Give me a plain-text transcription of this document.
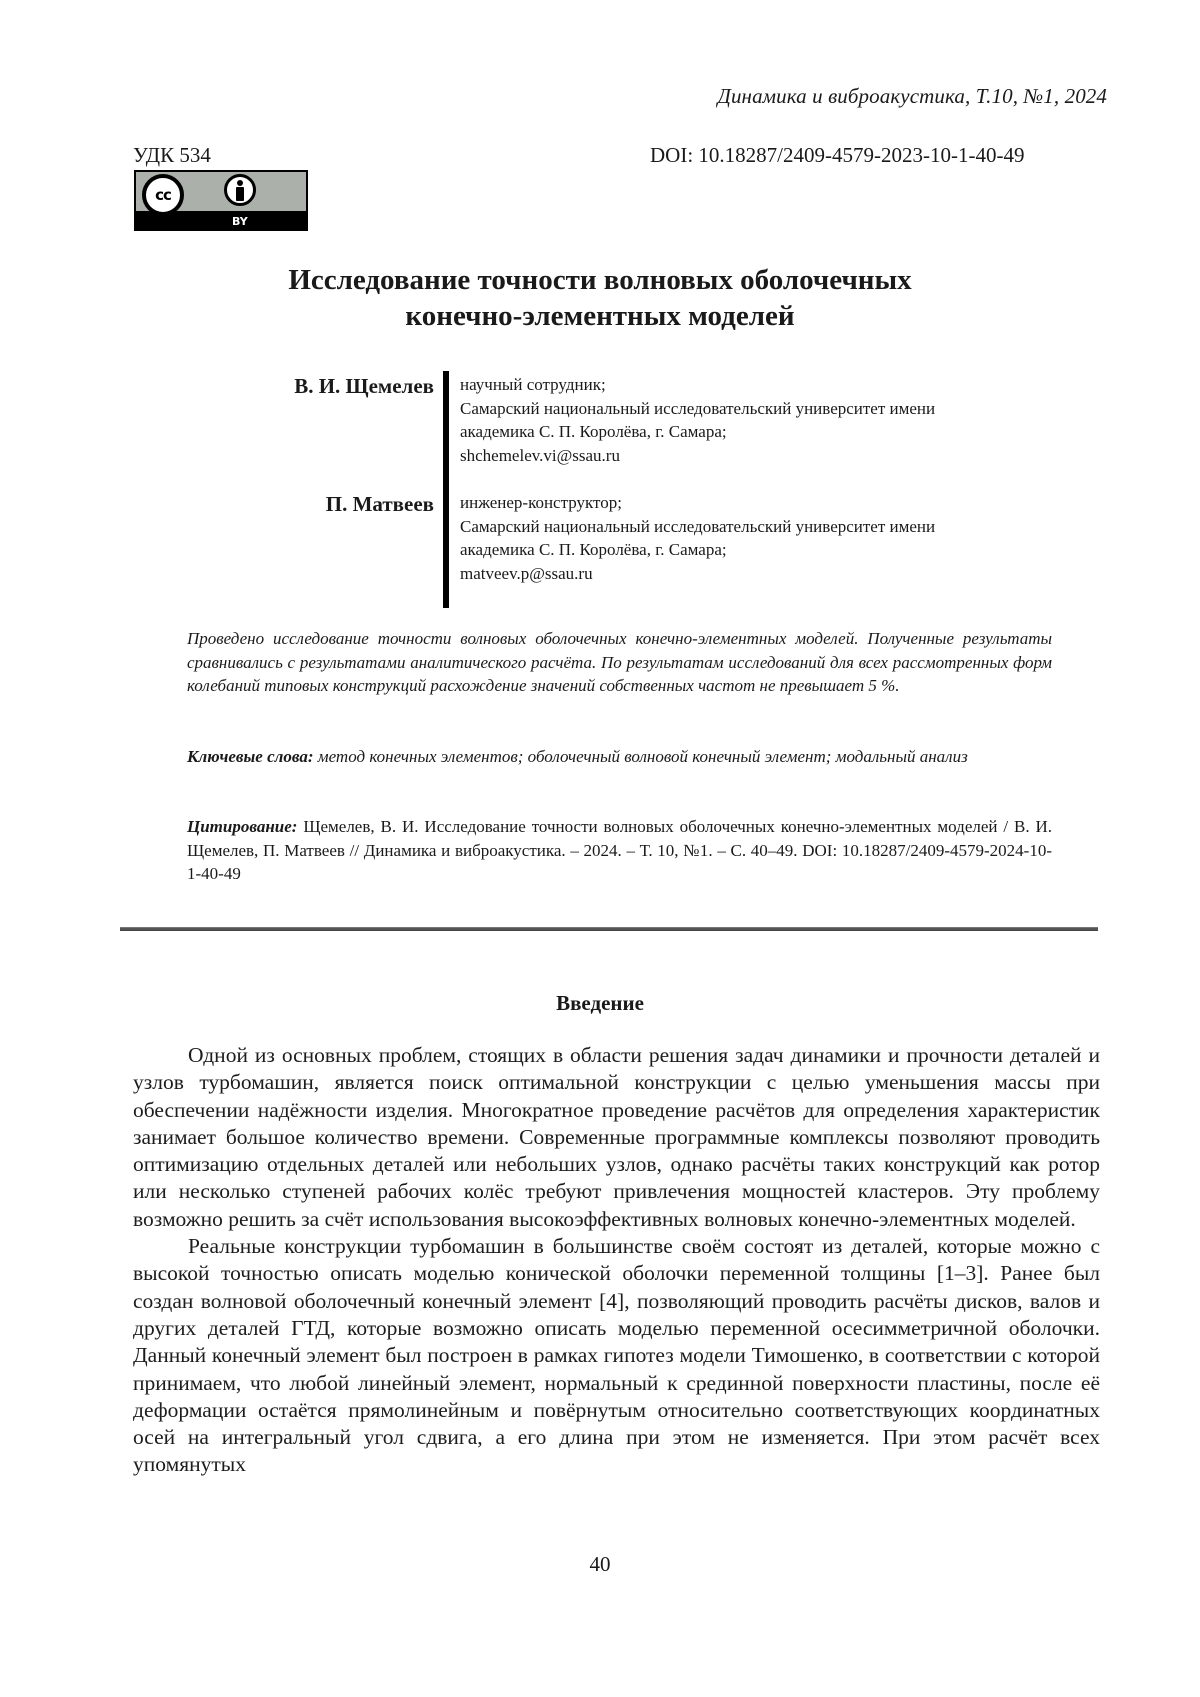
Динамика и виброакустика, Т.10, №1, 2024
УДК 534	DOI: 10.18287/2409-4579-2023-10-1-40-49
cc
BY
Исследование точности волновых оболочечных
конечно-элементных моделей
В. И. Щемелев научный сотрудник;
Самарский национальный исследовательский университет имени
академика С. П. Королёва, г. Самара;
shchemelev.vi@ssau.ru
П. Матвеев инженер-конструктор;
Самарский национальный исследовательский университет имени
академика С. П. Королёва, г. Самара;
matveev.p@ssau.ru
Проведено исследование точности волновых оболочечных конечно-элементных моделей. Полученные результаты сравнивались с результатами аналитического расчёта. По результатам исследований для всех рассмотренных форм колебаний типовых конструкций расхождение значений собственных частот не превышает 5 %.
Ключевые слова: метод конечных элементов; оболочечный волновой конечный элемент; модальный анализ
Цитирование: Щемелев, В. И. Исследование точности волновых оболочечных конечно-элементных моделей / В. И. Щемелев, П. Матвеев // Динамика и виброакустика. – 2024. – Т. 10, №1. – С. 40–49. DOI: 10.18287/2409-4579-2024-10-1-40-49
Введение

Одной из основных проблем, стоящих в области решения задач динамики и прочности деталей и узлов турбомашин, является поиск оптимальной конструкции с целью уменьшения массы при обеспечении надёжности изделия. Многократное проведение расчётов для определения характеристик занимает большое количество времени. Современные программные комплексы позволяют проводить оптимизацию отдельных деталей или небольших узлов, однако расчёты таких конструкций как ротор или несколько ступеней рабочих колёс требуют привлечения мощностей кластеров. Эту проблему возможно решить за счёт использования высокоэффективных волновых конечно-элементных моделей.

Реальные конструкции турбомашин в большинстве своём состоят из деталей, которые можно с высокой точностью описать моделью конической оболочки переменной толщины [1–3]. Ранее был создан волновой оболочечный конечный элемент [4], позволяющий проводить расчёты дисков, валов и других деталей ГТД, которые возможно описать моделью переменной осесимметричной оболочки. Данный конечный элемент был построен в рамках гипотез модели Тимошенко, в соответствии с которой принимаем, что любой линейный элемент, нормальный к срединной поверхности пластины, после её деформации остаётся прямолинейным и повёрнутым относительно соответствующих координатных осей на интегральный угол сдвига, а его длина при этом не изменяется. При этом расчёт всех упомянутых

40
